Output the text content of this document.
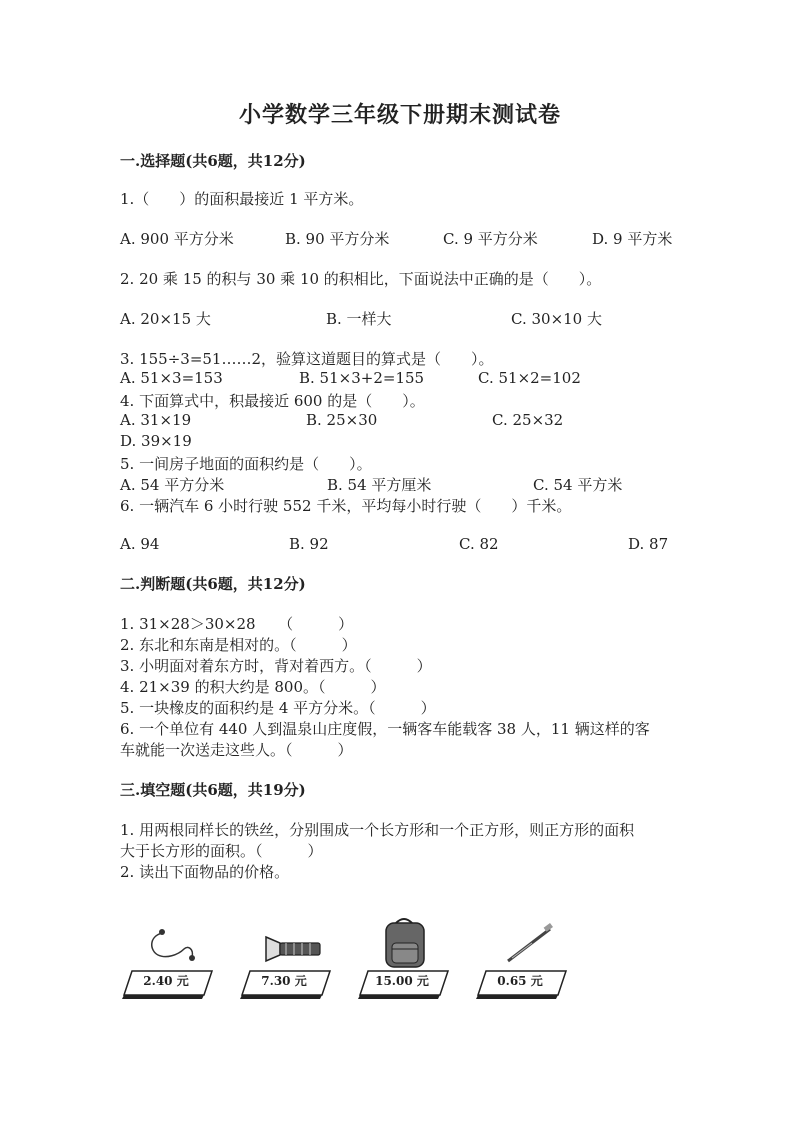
小学数学三年级下册期末测试卷
一.选择题(共6题，共12分)
1.（　　）的面积最接近 1 平方米。
A. 900 平方分米	B. 90 平方分米	C. 9 平方分米	D. 9 平方米
2. 20 乘 15 的积与 30 乘 10 的积相比，下面说法中正确的是（　　）。
A. 20×15 大	B. 一样大	C. 30×10 大
3. 155÷3=51……2，验算这道题目的算式是（　　）。
A. 51×3=153	B. 51×3+2=155	C. 51×2=102
4. 下面算式中，积最接近 600 的是（　　）。
A. 31×19	B. 25×30	C. 25×32
D. 39×19
5. 一间房子地面的面积约是（　　）。
A. 54 平方分米	B. 54 平方厘米	C. 54 平方米
6. 一辆汽车 6 小时行驶 552 千米，平均每小时行驶（　　）千米。
A. 94	B. 92	C. 82	D. 87
二.判断题(共6题，共12分)
1. 31×28＞30×28　　（　　　）
2. 东北和东南是相对的。（　　　）
3. 小明面对着东方时，背对着西方。（　　　）
4. 21×39 的积大约是 800。（　　　）
5. 一块橡皮的面积约是 4 平方分米。（　　　）
6. 一个单位有 440 人到温泉山庄度假，一辆客车能载客 38 人，11 辆这样的客
车就能一次送走这些人。（　　　）
三.填空题(共6题，共19分)
1. 用两根同样长的铁丝，分别围成一个长方形和一个正方形，则正方形的面积
大于长方形的面积。（　　　）
2. 读出下面物品的价格。
2.40 元	7.30 元	15.00 元	0.65 元
